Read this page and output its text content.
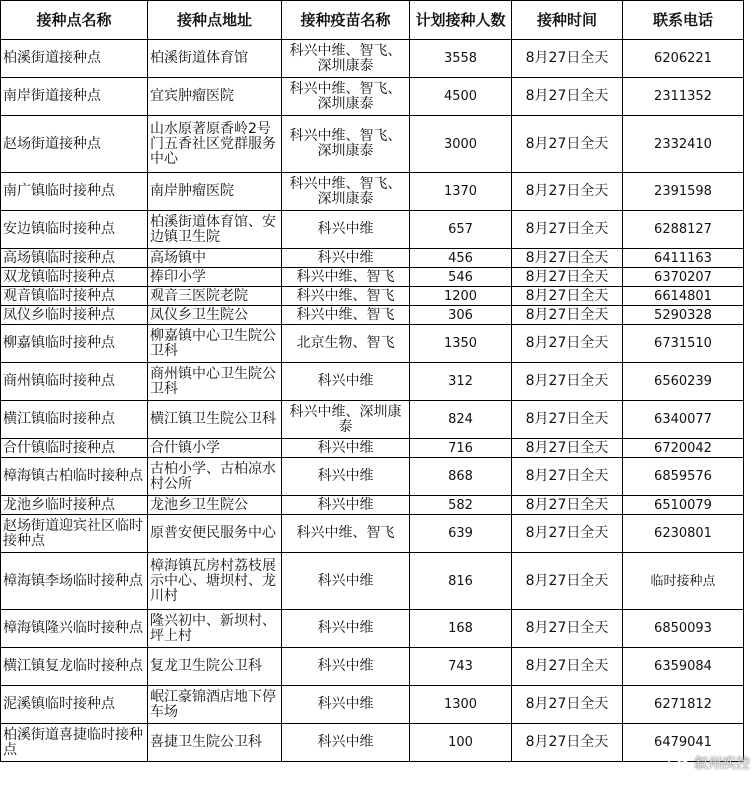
接种点名称	接种点地址	接种疫苗名称	计划接种人数	接种时间	联系电话
柏溪街道接种点	柏溪街道体育馆	科兴中维、智飞、深圳康泰	3558	8月27日全天	6206221
南岸街道接种点	宜宾肿瘤医院	科兴中维、智飞、深圳康泰	4500	8月27日全天	2311352
赵场街道接种点	山水原著原香岭2号门五香社区党群服务中心	科兴中维、智飞、深圳康泰	3000	8月27日全天	2332410
南广镇临时接种点	南岸肿瘤医院	科兴中维、智飞、深圳康泰	1370	8月27日全天	2391598
安边镇临时接种点	柏溪街道体育馆、安边镇卫生院	科兴中维	657	8月27日全天	6288127
高场镇临时接种点	高场镇中	科兴中维	456	8月27日全天	6411163
双龙镇临时接种点	捧印小学	科兴中维、智飞	546	8月27日全天	6370207
观音镇临时接种点	观音三医院老院	科兴中维、智飞	1200	8月27日全天	6614801
凤仪乡临时接种点	凤仪乡卫生院公	科兴中维、智飞	306	8月27日全天	5290328
柳嘉镇临时接种点	柳嘉镇中心卫生院公卫科	北京生物、智飞	1350	8月27日全天	6731510
商州镇临时接种点	商州镇中心卫生院公卫科	科兴中维	312	8月27日全天	6560239
横江镇临时接种点	横江镇卫生院公卫科	科兴中维、深圳康泰	824	8月27日全天	6340077
合什镇临时接种点	合什镇小学	科兴中维	716	8月27日全天	6720042
樟海镇古柏临时接种点	古柏小学、古柏凉水村公所	科兴中维	868	8月27日全天	6859576
龙池乡临时接种点	龙池乡卫生院公	科兴中维	582	8月27日全天	6510079
赵场街道迎宾社区临时接种点	原普安便民服务中心	科兴中维、智飞	639	8月27日全天	6230801
樟海镇李场临时接种点	樟海镇瓦房村荔枝展示中心、塘坝村、龙川村	科兴中维	816	8月27日全天	临时接种点
樟海镇隆兴临时接种点	隆兴初中、新坝村、坪上村	科兴中维	168	8月27日全天	6850093
横江镇复龙临时接种点	复龙卫生院公卫科	科兴中维	743	8月27日全天	6359084
泥溪镇临时接种点	岷江豪锦酒店地下停车场	科兴中维	1300	8月27日全天	6271812
柏溪街道喜捷临时接种点	喜捷卫生院公卫科	科兴中维	100	8月27日全天	6479041
叙州疾控
